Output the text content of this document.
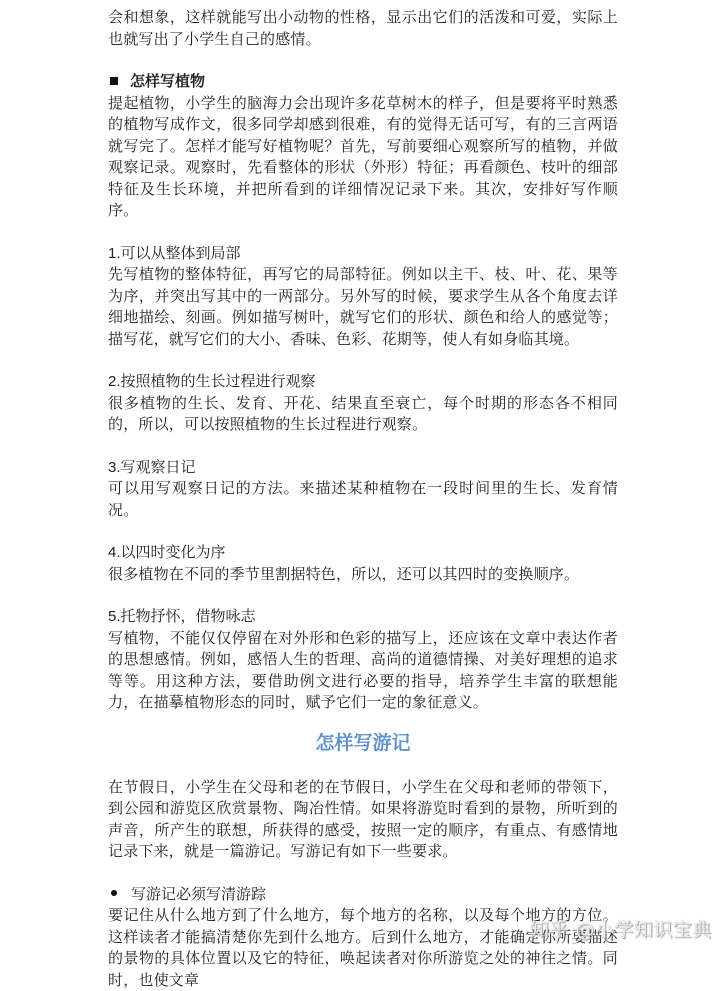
会和想象，这样就能写出小动物的性格，显示出它们的活泼和可爱，实际上也就写出了小学生自己的感情。

怎样写植物

提起植物，小学生的脑海力会出现许多花草树木的样子，但是要将平时熟悉的植物写成作文，很多同学却感到很难，有的觉得无话可写，有的三言两语就写完了。怎样才能写好植物呢？首先，写前要细心观察所写的植物，并做观察记录。观察时，先看整体的形状（外形）特征；再看颜色、枝叶的细部特征及生长环境，并把所看到的详细情况记录下来。其次，安排好写作顺序。

1.可以从整体到局部

先写植物的整体特征，再写它的局部特征。例如以主干、枝、叶、花、果等为序，并突出写其中的一两部分。另外写的时候，要求学生从各个角度去详细地描绘、刻画。例如描写树叶，就写它们的形状、颜色和给人的感觉等；描写花，就写它们的大小、香味、色彩、花期等，使人有如身临其境。

2.按照植物的生长过程进行观察

很多植物的生长、发育、开花、结果直至衰亡，每个时期的形态各不相同的，所以，可以按照植物的生长过程进行观察。

3.写观察日记

可以用写观察日记的方法。来描述某种植物在一段时间里的生长、发育情况。

4.以四时变化为序

很多植物在不同的季节里割据特色，所以，还可以其四时的变换顺序。

5.托物抒怀，借物咏志

写植物，不能仅仅停留在对外形和色彩的描写上，还应该在文章中表达作者的思想感情。例如，感悟人生的哲理、高尚的道德情操、对美好理想的追求等等。用这种方法，要借助例文进行必要的指导，培养学生丰富的联想能力，在描摹植物形态的同时，赋予它们一定的象征意义。

怎样写游记

在节假日，小学生在父母和老的在节假日，小学生在父母和老师的带领下，到公园和游览区欣赏景物、陶冶性情。如果将游览时看到的景物，所听到的声音，所产生的联想，所获得的感受，按照一定的顺序，有重点、有感情地记录下来，就是一篇游记。写游记有如下一些要求。

写游记必须写清游踪

要记住从什么地方到了什么地方，每个地方的名称，以及每个地方的方位。这样读者才能搞清楚你先到什么地方。后到什么地方，才能确定你所要描述的景物的具体位置以及它的特征，唤起读者对你所游览之处的神往之情。同时，也使文章

知乎 @小学知识宝典
